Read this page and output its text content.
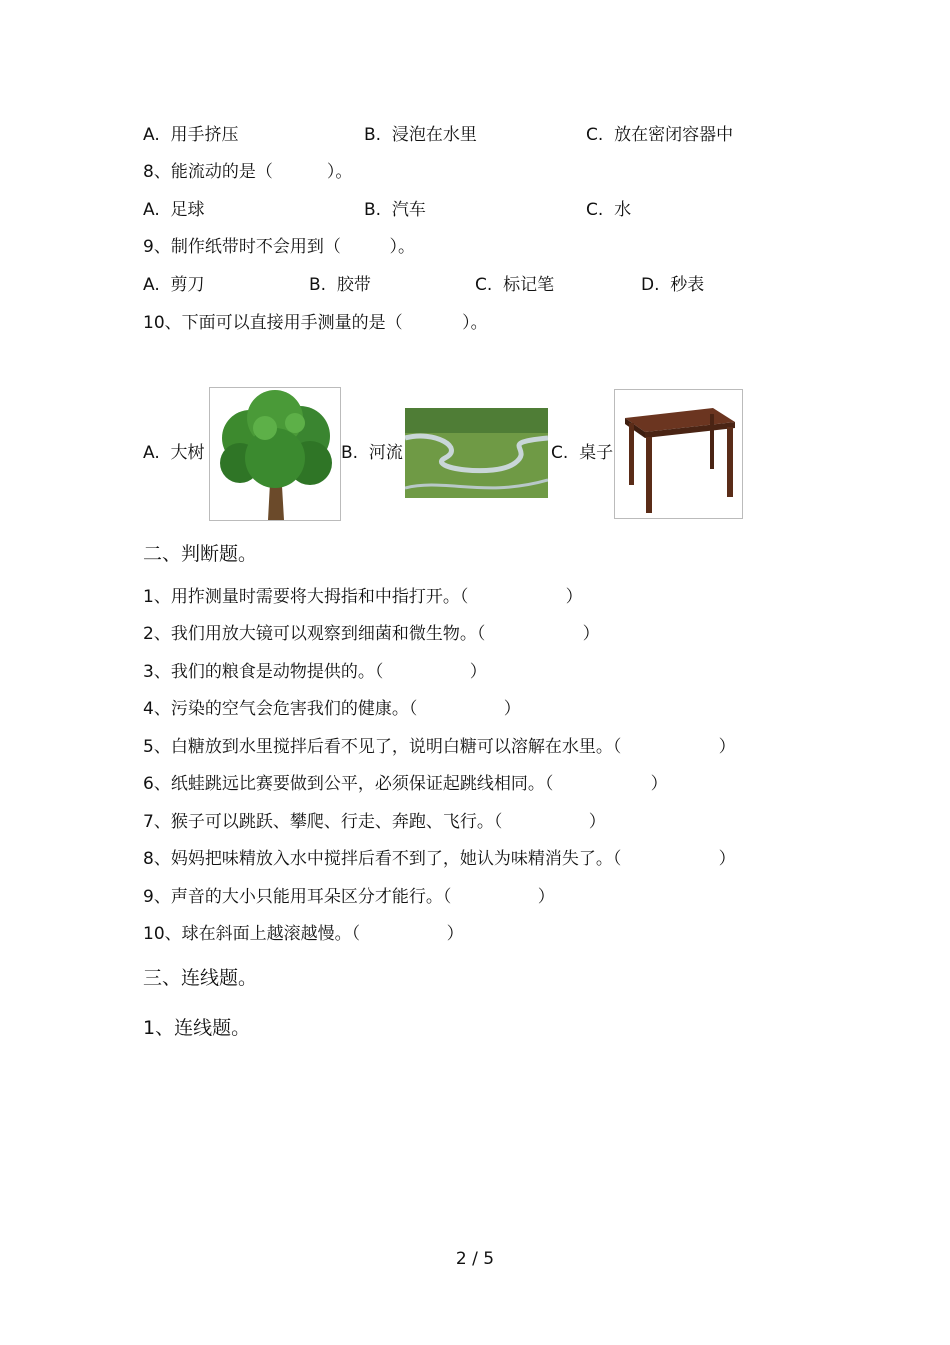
A.  用手挤压	B.  浸泡在水里	C.  放在密闭容器中
8、能流动的是（          ）。
A.  足球	B.  汽车	C.  水
9、制作纸带时不会用到（         ）。
A.  剪刀	B.  胶带	C.  标记笔	D.  秒表
10、下面可以直接用手测量的是（           ）。
A.  大树	B.  河流	C.  桌子
二、判断题。
1、用拃测量时需要将大拇指和中指打开。（                  ）
2、我们用放大镜可以观察到细菌和微生物。（                  ）
3、我们的粮食是动物提供的。（                ）
4、污染的空气会危害我们的健康。（                ）
5、白糖放到水里搅拌后看不见了，说明白糖可以溶解在水里。（                  ）
6、纸蛙跳远比赛要做到公平，必须保证起跳线相同。（                  ）
7、猴子可以跳跃、攀爬、行走、奔跑、飞行。（                ）
8、妈妈把味精放入水中搅拌后看不到了，她认为味精消失了。（                  ）
9、声音的大小只能用耳朵区分才能行。（                ）
10、球在斜面上越滚越慢。（                ）
三、连线题。
1、连线题。
2 / 5
